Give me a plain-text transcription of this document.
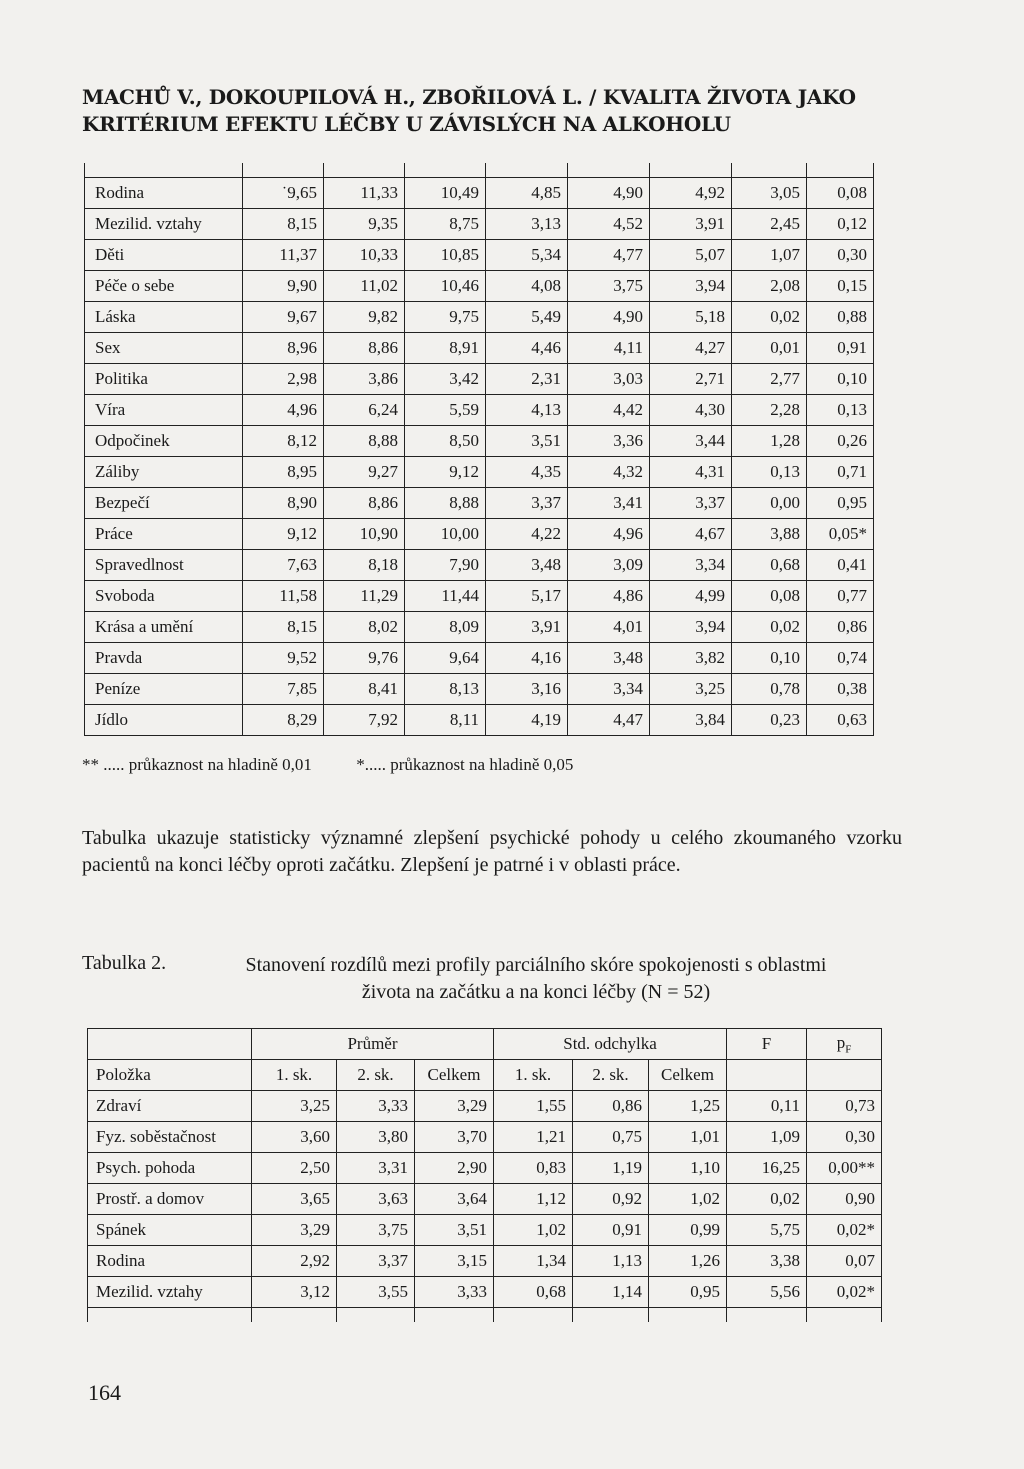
MACHŮ V., DOKOUPILOVÁ H., ZBOŘILOVÁ L. / KVALITA ŽIVOTA JAKO
KRITÉRIUM EFEKTU LÉČBY U ZÁVISLÝCH NA ALKOHOLU

Rodina	˙9,65	11,33	10,49	4,85	4,90	4,92	3,05	0,08
Mezilid. vztahy	8,15	9,35	8,75	3,13	4,52	3,91	2,45	0,12
Děti	11,37	10,33	10,85	5,34	4,77	5,07	1,07	0,30
Péče o sebe	9,90	11,02	10,46	4,08	3,75	3,94	2,08	0,15
Láska	9,67	9,82	9,75	5,49	4,90	5,18	0,02	0,88
Sex	8,96	8,86	8,91	4,46	4,11	4,27	0,01	0,91
Politika	2,98	3,86	3,42	2,31	3,03	2,71	2,77	0,10
Víra	4,96	6,24	5,59	4,13	4,42	4,30	2,28	0,13
Odpočinek	8,12	8,88	8,50	3,51	3,36	3,44	1,28	0,26
Záliby	8,95	9,27	9,12	4,35	4,32	4,31	0,13	0,71
Bezpečí	8,90	8,86	8,88	3,37	3,41	3,37	0,00	0,95
Práce	9,12	10,90	10,00	4,22	4,96	4,67	3,88	0,05*
Spravedlnost	7,63	8,18	7,90	3,48	3,09	3,34	0,68	0,41
Svoboda	11,58	11,29	11,44	5,17	4,86	4,99	0,08	0,77
Krása a umění	8,15	8,02	8,09	3,91	4,01	3,94	0,02	0,86
Pravda	9,52	9,76	9,64	4,16	3,48	3,82	0,10	0,74
Peníze	7,85	8,41	8,13	3,16	3,34	3,25	0,78	0,38
Jídlo	8,29	7,92	8,11	4,19	4,47	3,84	0,23	0,63
** ..... průkaznost na hladině 0,01	*..... průkaznost na hladině 0,05
Tabulka ukazuje statisticky významné zlepšení psychické pohody u celého zkoumaného vzorku pacientů na konci léčby oproti začátku. Zlepšení je patrné i v oblasti práce.
Tabulka 2.	Stanovení rozdílů mezi profily parciálního skóre spokojenosti s oblastmi života na začátku a na konci léčby (N = 52)
	Průměr			Std. odchylka			F	$p_F$
Položka	1. sk.	2. sk.	Celkem	1. sk.	2. sk.	Celkem		
Zdraví	3,25	3,33	3,29	1,55	0,86	1,25	0,11	0,73
Fyz. soběstačnost	3,60	3,80	3,70	1,21	0,75	1,01	1,09	0,30
Psych. pohoda	2,50	3,31	2,90	0,83	1,19	1,10	16,25	0,00**
Prostř. a domov	3,65	3,63	3,64	1,12	0,92	1,02	0,02	0,90
Spánek	3,29	3,75	3,51	1,02	0,91	0,99	5,75	0,02*
Rodina	2,92	3,37	3,15	1,34	1,13	1,26	3,38	0,07
Mezilid. vztahy	3,12	3,55	3,33	0,68	1,14	0,95	5,56	0,02*

164
